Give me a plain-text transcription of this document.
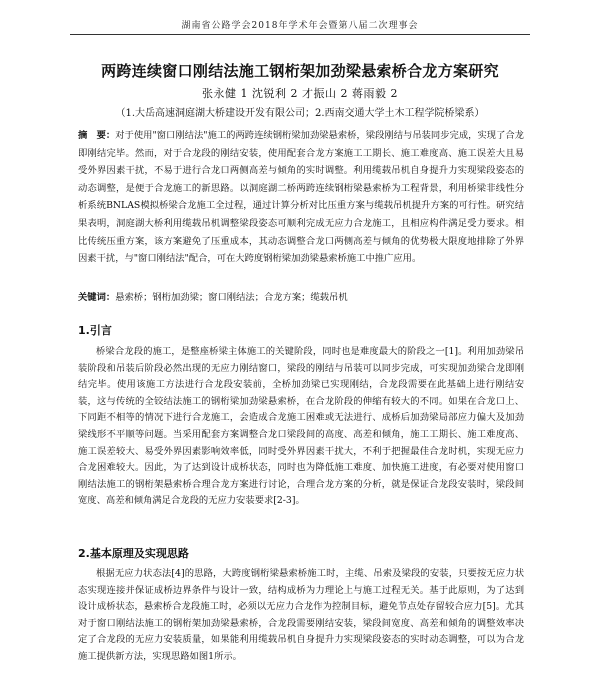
湖南省公路学会2018年学术年会暨第八届二次理事会
两跨连续窗口刚结法施工钢桁架加劲梁悬索桥合龙方案研究
张永健 1 沈锐利 2 才振山 2 蒋雨毅 2
（1.大岳高速洞庭湖大桥建设开发有限公司；2.西南交通大学土木工程学院桥梁系）
摘　要：对于使用"窗口刚结法"施工的两跨连续钢桁梁加劲梁悬索桥，梁段刚结与吊装同步完成，实现了合龙即刚结完毕。然而，对于合龙段的刚结安装，使用配套合龙方案施工工期长、施工难度高、施工误差大且易受外界因素干扰，不易于进行合龙口两侧高差与倾角的实时调整。利用缆载吊机自身提升力实现梁段姿态的动态调整，是便于合龙施工的新思路。以洞庭湖二桥两跨连续钢桁梁悬索桥为工程背景，利用桥梁非线性分析系统BNLAS模拟桥梁合龙施工全过程，通过计算分析对比压重方案与缆载吊机提升方案的可行性。研究结果表明，洞庭湖大桥利用缆载吊机调整梁段姿态可顺利完成无应力合龙施工，且相应构件满足受力要求。相比传统压重方案，该方案避免了压重成本，其动态调整合龙口两侧高差与倾角的优势极大限度地排除了外界因素干扰，与"窗口刚结法"配合，可在大跨度钢桁梁加劲梁悬索桥施工中推广应用。
关键词：悬索桥；钢桁加劲梁；窗口刚结法；合龙方案；缆载吊机
1.引言
桥梁合龙段的施工，是整座桥梁主体施工的关键阶段，同时也是难度最大的阶段之一[1]。利用加劲梁吊装阶段和吊装后阶段必然出现的无应力刚结窗口，梁段的刚结与吊装可以同步完成，可实现加劲梁合龙即刚结完毕。使用该施工方法进行合龙段安装前，全桥加劲梁已实现刚结，合龙段需要在此基础上进行刚结安装，这与传统的全铰结法施工的钢桁梁加劲梁悬索桥，在合龙阶段的伸缩有较大的不同。如果在合龙口上、下同距不相等的情况下进行合龙施工，会造成合龙施工困难或无法进行、成桥后加劲梁局部应力偏大及加劲梁线形不平顺等问题。当采用配套方案调整合龙口梁段间的高度、高差和倾角，施工工期长、施工难度高、施工误差较大、易受外界因素影响效率低，同时受外界因素干扰大，不利于把握最佳合龙时机，实现无应力合龙困难较大。因此，为了达到设计成桥状态，同时也为降低施工难度、加快施工进度，有必要对使用窗口刚结法施工的钢桁架悬索桥合理合龙方案进行讨论，合理合龙方案的分析，就是保证合龙段安装时，梁段间宽度、高差和倾角满足合龙段的无应力安装要求[2-3]。
2.基本原理及实现思路
根据无应力状态法[4]的思路，大跨度钢桁梁悬索桥施工时，主缆、吊索及梁段的安装，只要按无应力状态实现连接并保证成桥边界条件与设计一致，结构成桥为力理论上与施工过程无关。基于此原则，为了达到设计成桥状态，悬索桥合龙段施工时，必须以无应力合龙作为控制目标，避免节点处存留较合应力[5]。尤其对于窗口刚结法施工的钢桁架加劲梁悬索桥，合龙段需要刚结安装，梁段间宽度、高差和倾角的调整效率决定了合龙段的无应力安装质量，如果能利用缆载吊机自身提升力实现梁段姿态的实时动态调整，可以为合龙施工提供新方法，实现思路如图1所示。
